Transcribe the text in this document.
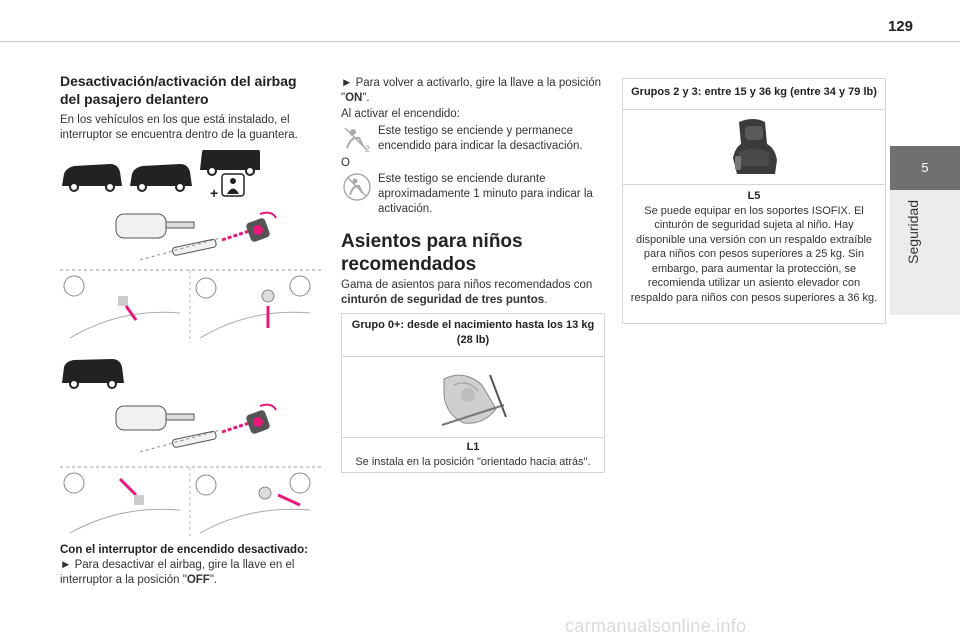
129
5
Seguridad
Desactivación/activación del airbag del pasajero delantero
En los vehículos en los que está instalado, el interruptor se encuentra dentro de la guantera.
+
Con el interruptor de encendido desactivado:
► Para desactivar el airbag, gire la llave en el interruptor a la posición "OFF".
► Para volver a activarlo, gire la llave a la posición "ON".
Al activar el encendido:
2
Este testigo se enciende y permanece encendido para indicar la desactivación.
O
Este testigo se enciende durante aproximadamente 1 minuto para indicar la activación.
Asientos para niños recomendados
Gama de asientos para niños recomendados con cinturón de seguridad de tres puntos.
Grupo 0+: desde el nacimiento hasta los 13 kg (28 lb)
L1
Se instala en la posición "orientado hacia atrás".
Grupos 2 y 3: entre 15 y 36 kg (entre 34 y 79 lb)
L5
Se puede equipar en los soportes ISOFIX. El cinturón de seguridad sujeta al niño. Hay disponible una versión con un respaldo extraíble para niños con pesos superiores a 25 kg. Sin embargo, para aumentar la protección, se recomienda utilizar un asiento elevador con respaldo para niños con pesos superiores a 36 kg.
carmanualsonline.info
